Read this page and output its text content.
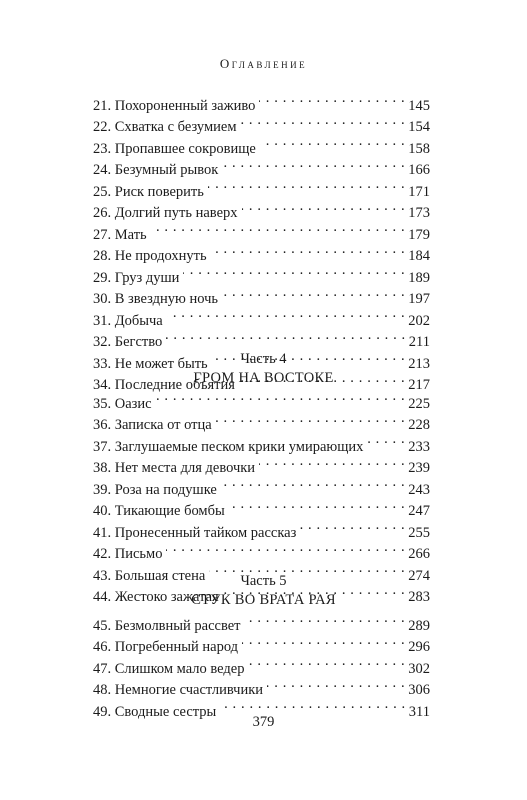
Оглавление
21. Похороненный заживо . . .	145
22. Схватка с безумием . . .	154
23. Пропавшее сокровище . . .	158
24. Безумный рывок . . .	166
25. Риск поверить . . .	171
26. Долгий путь наверх . . .	173
27. Мать . . .	179
28. Не продохнуть . . .	184
29. Груз души . . .	189
30. В звездную ночь . . .	197
31. Добыча . . .	202
32. Бегство . . .	211
33. Не может быть . . .	213
34. Последние объятия . . .	217
Часть 4
ГРОМ НА ВОСТОКЕ
35. Оазис . . .	225
36. Записка от отца . . .	228
37. Заглушаемые песком крики умирающих . . .	233
38. Нет места для девочки . . .	239
39. Роза на подушке . . .	243
40. Тикающие бомбы . . .	247
41. Пронесенный тайком рассказ . . .	255
42. Письмо . . .	266
43. Большая стена . . .	274
44. Жестоко зажатая . . .	283
Часть 5
СТУК ВО ВРАТА РАЯ
45. Безмолвный рассвет . . .	289
46. Погребенный народ . . .	296
47. Слишком мало ведер . . .	302
48. Немногие счастливчики . . .	306
49. Сводные сестры . . .	311
379
